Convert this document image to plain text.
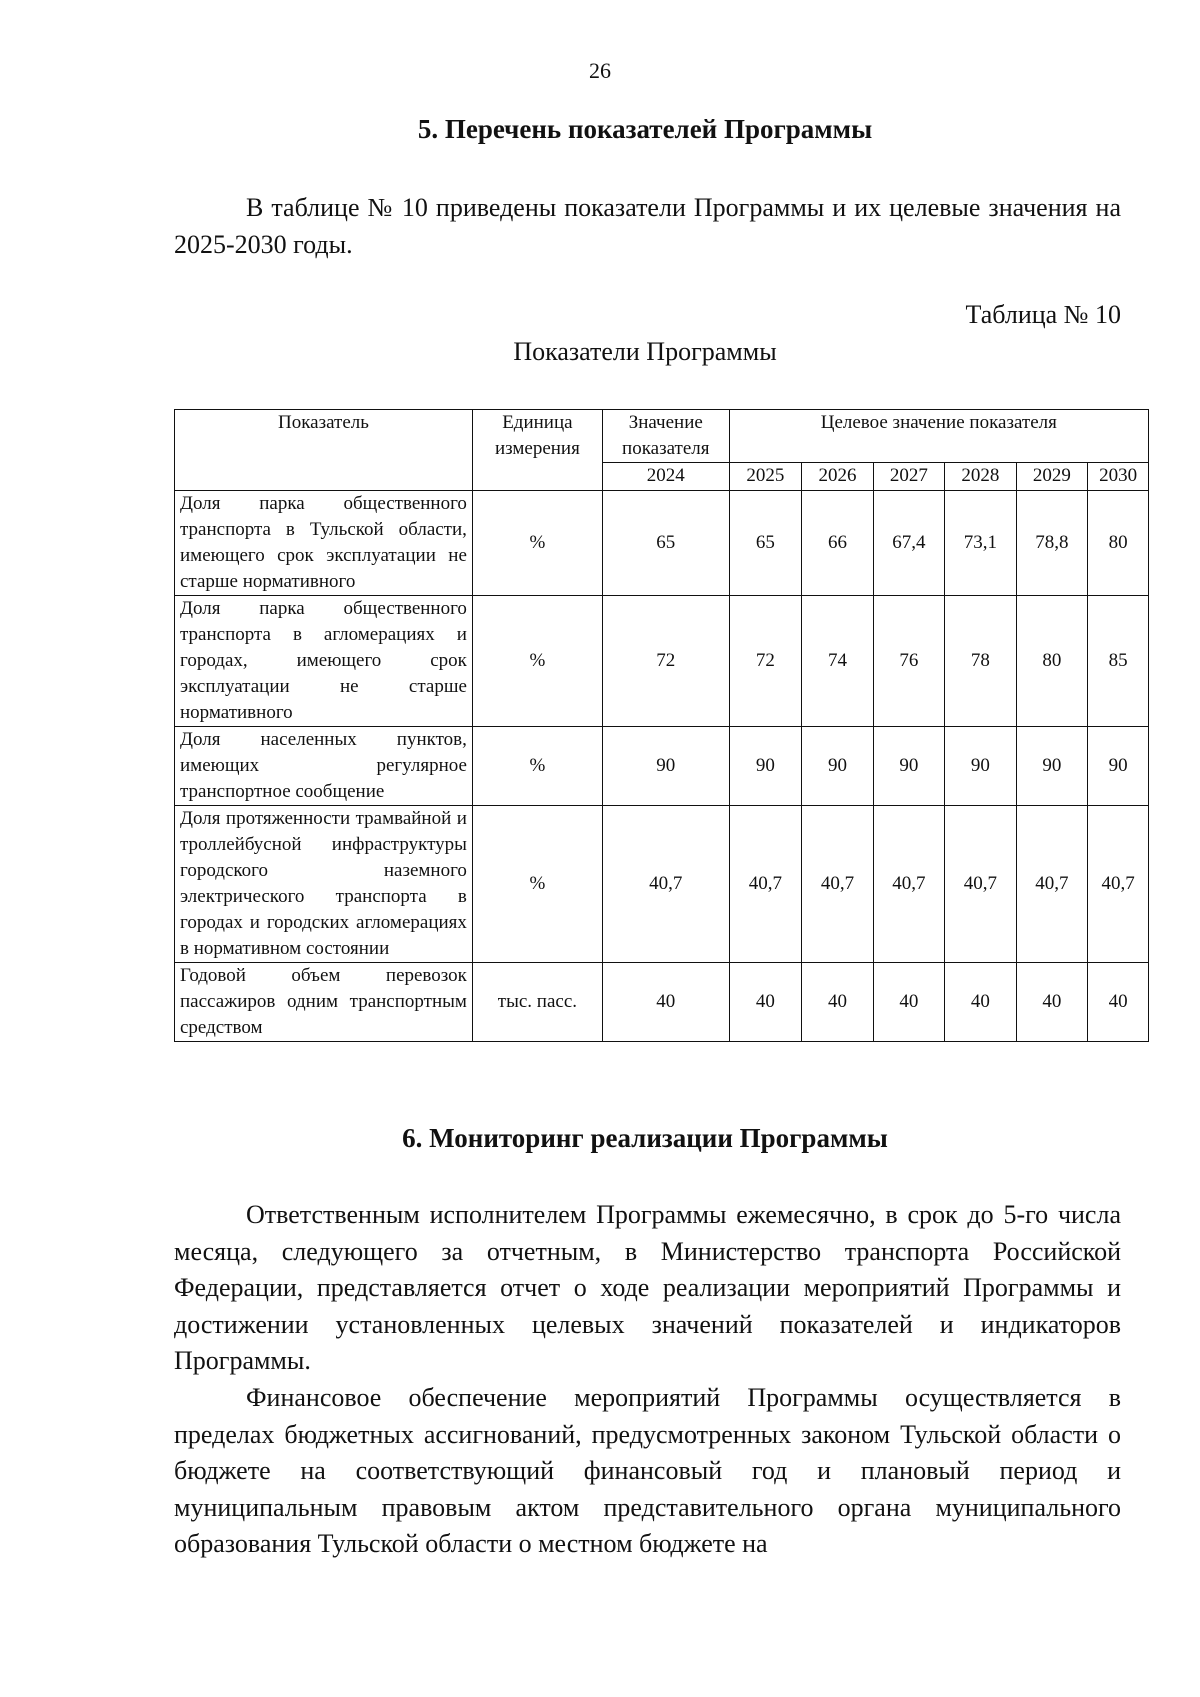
26
5. Перечень показателей Программы

В таблице № 10 приведены показатели Программы и их целевые значения на 2025-2030 годы.

Таблица № 10
Показатели Программы
Показатель	Единица измерения	Значение показателя	Целевое значение показателя					
		2024	2025	2026	2027	2028	2029	2030
Доля парка общественного транспорта в Тульской области, имеющего срок эксплуатации не старше нормативного	%	65	65	66	67,4	73,1	78,8	80
Доля парка общественного транспорта в агломерациях и городах, имеющего срок эксплуатации не старше нормативного	%	72	72	74	76	78	80	85
Доля населенных пунктов, имеющих регулярное транспортное сообщение	%	90	90	90	90	90	90	90
Доля протяженности трамвайной и троллейбусной инфраструктуры городского наземного электрического транспорта в городах и городских агломерациях в нормативном состоянии	%	40,7	40,7	40,7	40,7	40,7	40,7	40,7
Годовой объем перевозок пассажиров одним транспортным средством	тыс. пасс.	40	40	40	40	40	40	40
6. Мониторинг реализации Программы

Ответственным исполнителем Программы ежемесячно, в срок до 5-го числа месяца, следующего за отчетным, в Министерство транспорта Российской Федерации, представляется отчет о ходе реализации мероприятий Программы и достижении установленных целевых значений показателей и индикаторов Программы.

Финансовое обеспечение мероприятий Программы осуществляется в пределах бюджетных ассигнований, предусмотренных законом Тульской области о бюджете на соответствующий финансовый год и плановый период и муниципальным правовым актом представительного органа муниципального образования Тульской области о местном бюджете на
